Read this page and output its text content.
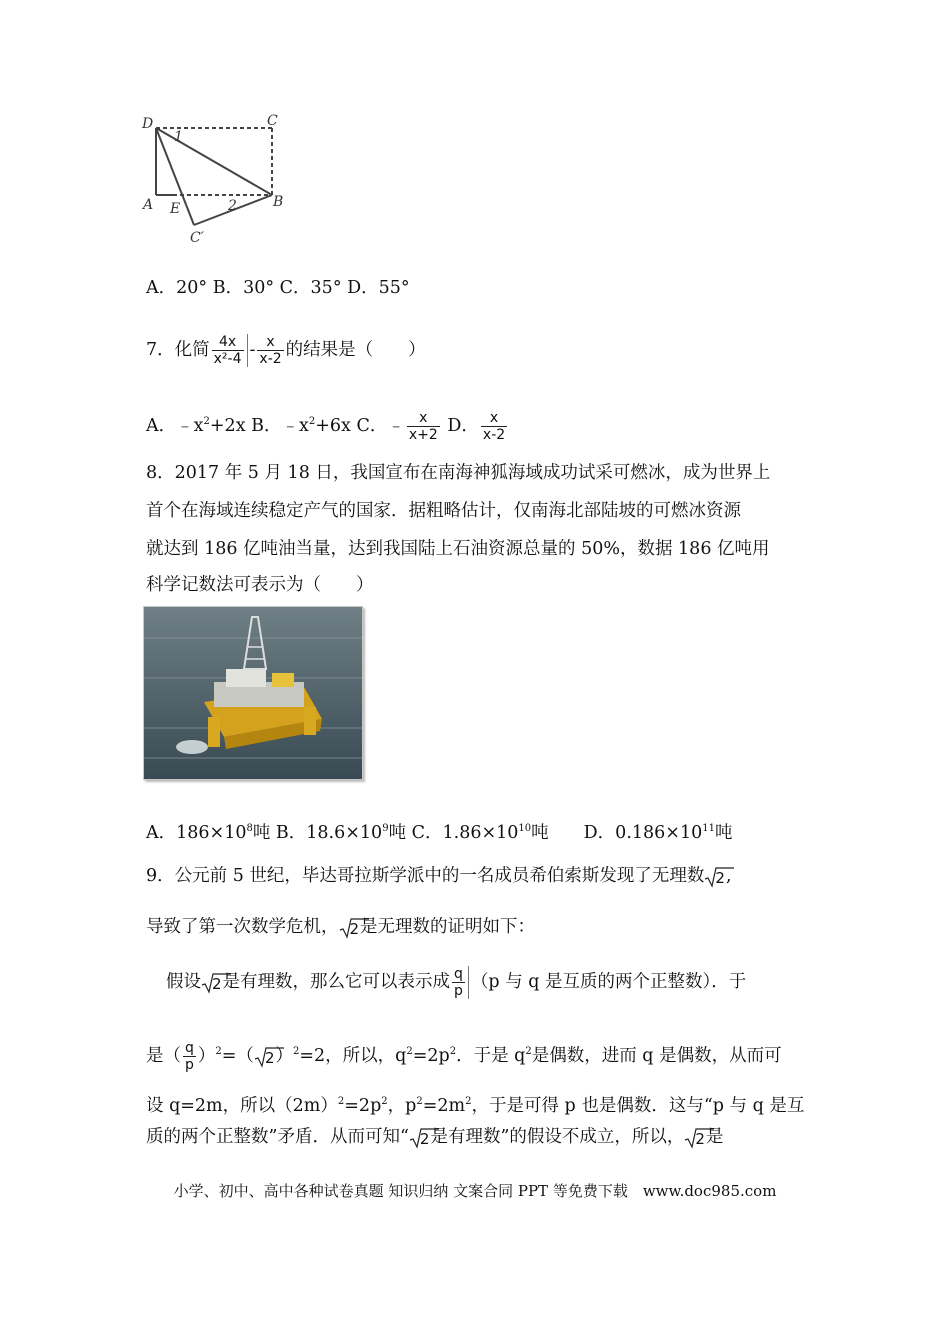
D	C
A E	B
C′
1
2
A．20° B．30° C．35° D．55°
7．化简 $\frac{4x}{\text{x²-4}} - \frac{x}{x-2}$ 的结果是（　　）
A．$﹣x^2+2x$ B．$﹣x^2+6x$ C．﹣ $\frac{x}{x+2}$ D． $\frac{x}{x-2}$
8．2017 年 5 月 18 日，我国宣布在南海神狐海域成功试采可燃冰，成为世界上
首个在海域连续稳定产气的国家．据粗略估计，仅南海北部陆坡的可燃冰资源
就达到 186 亿吨油当量，达到我国陆上石油资源总量的 50%，数据 186 亿吨用
科学记数法可表示为（　　）
A．$186\times 10^8$吨 B．$18.6\times 10^9$吨 C．$1.86\times 10^{10}$吨　　D．$0.186\times 10^{11}$吨
9．公元前 5 世纪，毕达哥拉斯学派中的一名成员希伯索斯发现了无理数 2,
导致了第一次数学危机， 2是无理数的证明如下：
假设 2是有理数，那么它可以表示成 $\frac{q}{p} (p$ 与 q 是互质的两个正整数）．于
是（ $\frac{q}{p} )^2=$（ 2）$^2$=2，所以，$q^2=2p^2$．于是 $q^2$是偶数，进而 q 是偶数，从而可
设 q=2m，所以$(2m)^2=2p^2$，$p^2=2m^2$，于是可得 p 也是偶数．这与“p 与 q 是互
质的两个正整数”矛盾．从而可知“ 2是有理数”的假设不成立，所以， 2是
小学、初中、高中各种试卷真题 知识归纳 文案合同 PPT 等免费下载　www.doc985.com
